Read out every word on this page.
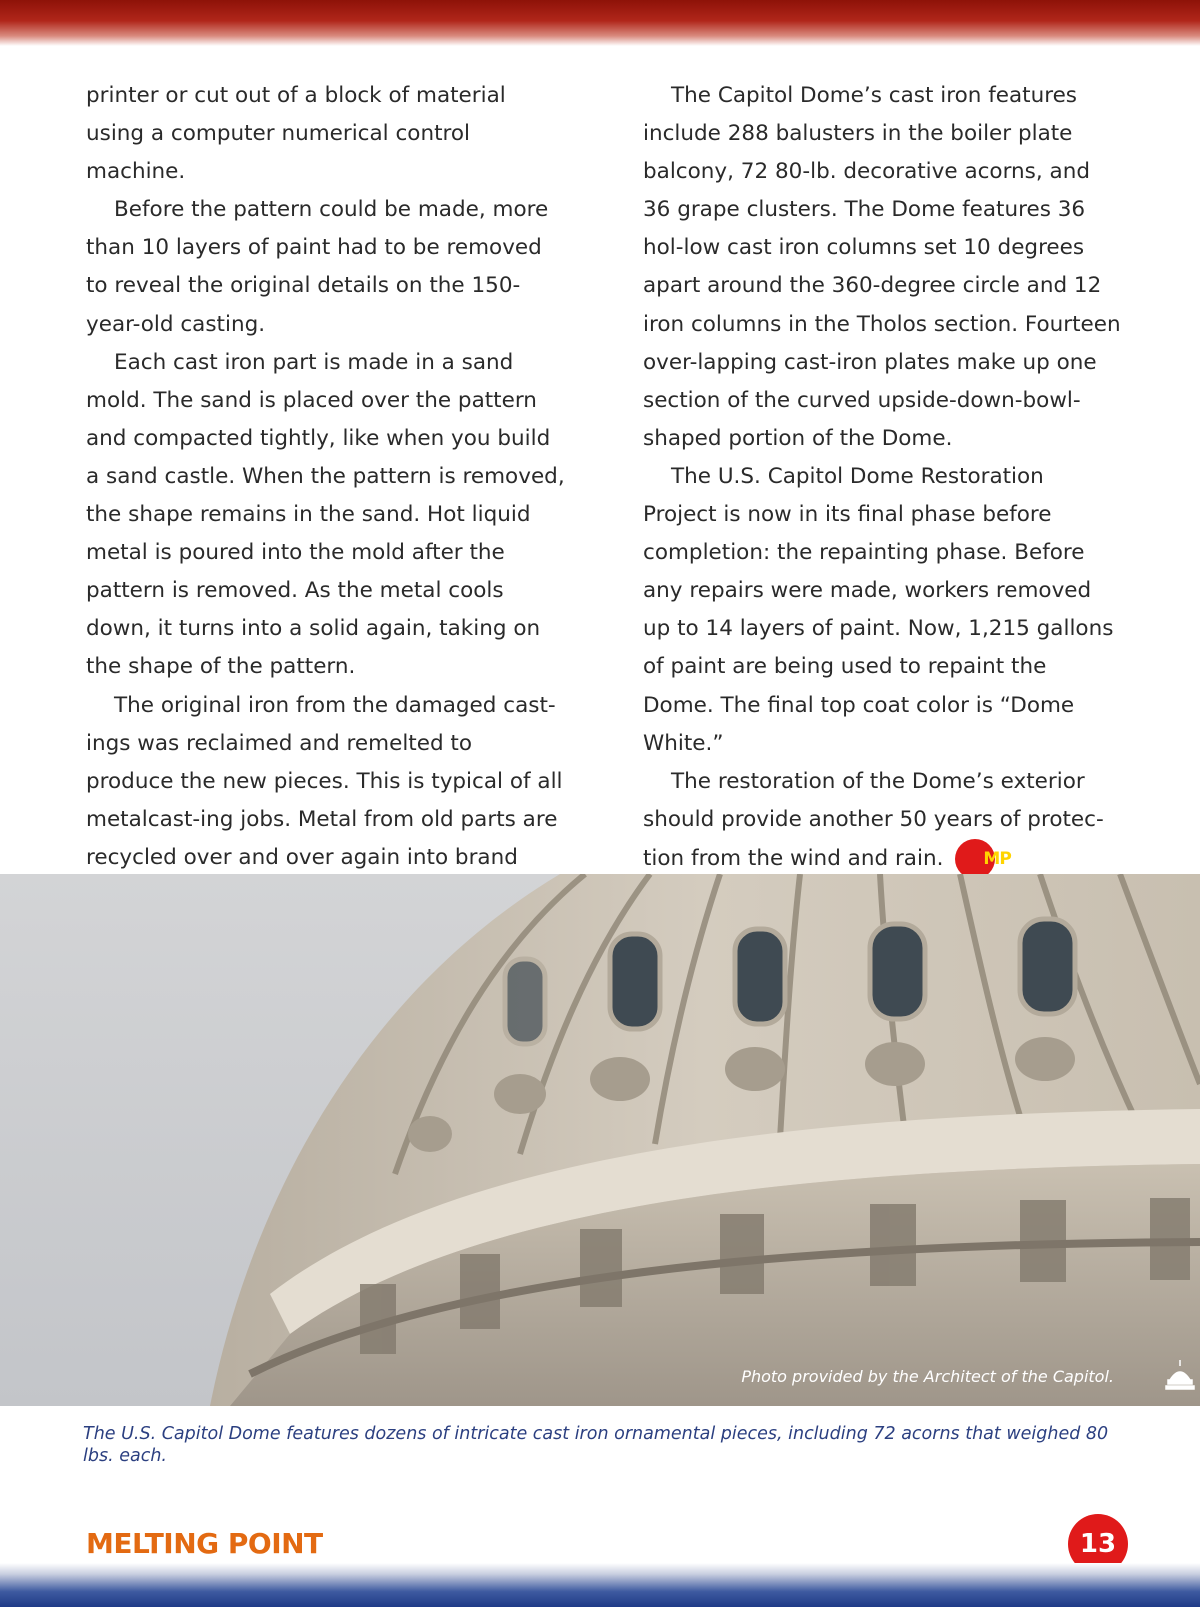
printer or cut out of a block of material using a computer numerical control machine.

Before the pattern could be made, more than 10 layers of paint had to be removed to reveal the original details on the 150-year-old casting.

Each cast iron part is made in a sand mold. The sand is placed over the pattern and compacted tightly, like when you build a sand castle. When the pattern is removed, the shape remains in the sand. Hot liquid metal is poured into the mold after the pattern is removed. As the metal cools down, it turns into a solid again, taking on the shape of the pattern.

The original iron from the damaged cast-ings was reclaimed and remelted to produce the new pieces. This is typical of all metalcast-ing jobs. Metal from old parts are recycled over and over again into brand

The Capitol Dome’s cast iron features include 288 balusters in the boiler plate balcony, 72 80-lb. decorative acorns, and 36 grape clusters. The Dome features 36 hol-low cast iron columns set 10 degrees apart around the 360-degree circle and 12 iron columns in the Tholos section. Fourteen over-lapping cast-iron plates make up one section of the curved upside-down-bowl-shaped portion of the Dome.

The U.S. Capitol Dome Restoration Project is now in its final phase before completion: the repainting phase. Before any repairs were made, workers removed up to 14 layers of paint. Now, 1,215 gallons of paint are being used to repaint the Dome. The final top coat color is “Dome White.”

The restoration of the Dome’s exterior should provide another 50 years of protec-tion from the wind and rain. MP

Photo provided by the Architect of the Capitol.
The U.S. Capitol Dome features dozens of intricate cast iron ornamental pieces, including 72 acorns that weighed 80 lbs. each.
MELTING POINT	13
